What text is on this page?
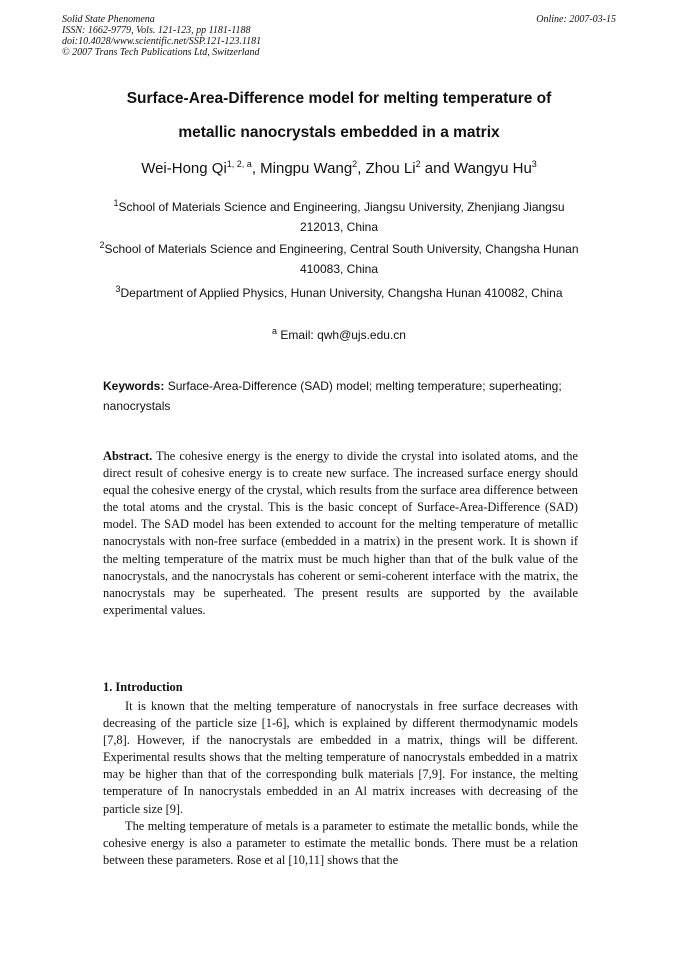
Solid State Phenomena
ISSN: 1662-9779, Vols. 121-123, pp 1181-1188
doi:10.4028/www.scientific.net/SSP.121-123.1181
© 2007 Trans Tech Publications Ltd, Switzerland
Online: 2007-03-15
Surface-Area-Difference model for melting temperature of
metallic nanocrystals embedded in a matrix
Wei-Hong Qi$^{1, 2, a}$, Mingpu Wang$^2$, Zhou Li$^2$ and Wangyu Hu$^3$
$^1$School of Materials Science and Engineering, Jiangsu University, Zhenjiang Jiangsu 212013, China
$^2$School of Materials Science and Engineering, Central South University, Changsha Hunan 410083, China
$^3$Department of Applied Physics, Hunan University, Changsha Hunan 410082, China
$^a$ Email: qwh@ujs.edu.cn
Keywords: Surface-Area-Difference (SAD) model; melting temperature; superheating; nanocrystals
Abstract. The cohesive energy is the energy to divide the crystal into isolated atoms, and the direct result of cohesive energy is to create new surface. The increased surface energy should equal the cohesive energy of the crystal, which results from the surface area difference between the total atoms and the crystal. This is the basic concept of Surface-Area-Difference (SAD) model. The SAD model has been extended to account for the melting temperature of metallic nanocrystals with non-free surface (embedded in a matrix) in the present work. It is shown if the melting temperature of the matrix must be much higher than that of the bulk value of the nanocrystals, and the nanocrystals has coherent or semi-coherent interface with the matrix, the nanocrystals may be superheated. The present results are supported by the available experimental values.
1. Introduction

It is known that the melting temperature of nanocrystals in free surface decreases with decreasing of the particle size [1-6], which is explained by different thermodynamic models [7,8]. However, if the nanocrystals are embedded in a matrix, things will be different. Experimental results shows that the melting temperature of nanocrystals embedded in a matrix may be higher than that of the corresponding bulk materials [7,9]. For instance, the melting temperature of In nanocrystals embedded in an Al matrix increases with decreasing of the particle size [9].

The melting temperature of metals is a parameter to estimate the metallic bonds, while the cohesive energy is also a parameter to estimate the metallic bonds. There must be a relation between these parameters. Rose et al [10,11] shows that the
